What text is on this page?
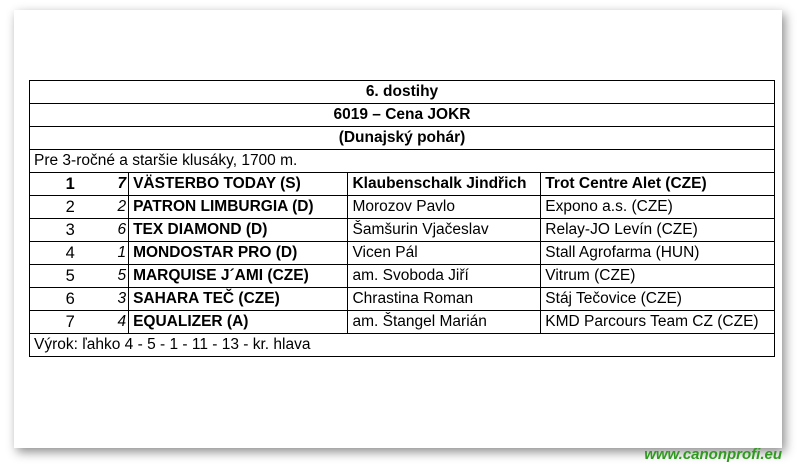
6. dostihy				
6019 – Cena JOKR				
(Dunajský pohár)				
Pre 3-ročné a staršie klusáky, 1700 m.				
1	7	VÄSTERBO TODAY (S)	Klaubenschalk Jindřich	Trot Centre Alet (CZE)
2	2	PATRON LIMBURGIA (D)	Morozov Pavlo	Expono a.s. (CZE)
3	6	TEX DIAMOND (D)	Šamšurin Vjačeslav	Relay-JO Levín (CZE)
4	1	MONDOSTAR PRO (D)	Vicen Pál	Stall Agrofarma (HUN)
5	5	MARQUISE J´AMI (CZE)	am. Svoboda Jiří	Vitrum (CZE)
6	3	SAHARA TEČ (CZE)	Chrastina Roman	Stáj Tečovice (CZE)
7	4	EQUALIZER (A)	am. Štangel Marián	KMD Parcours Team CZ (CZE)
Výrok: ľahko 4 - 5 - 1 - 11 - 13 - kr. hlava				
www.canonprofi.eu
